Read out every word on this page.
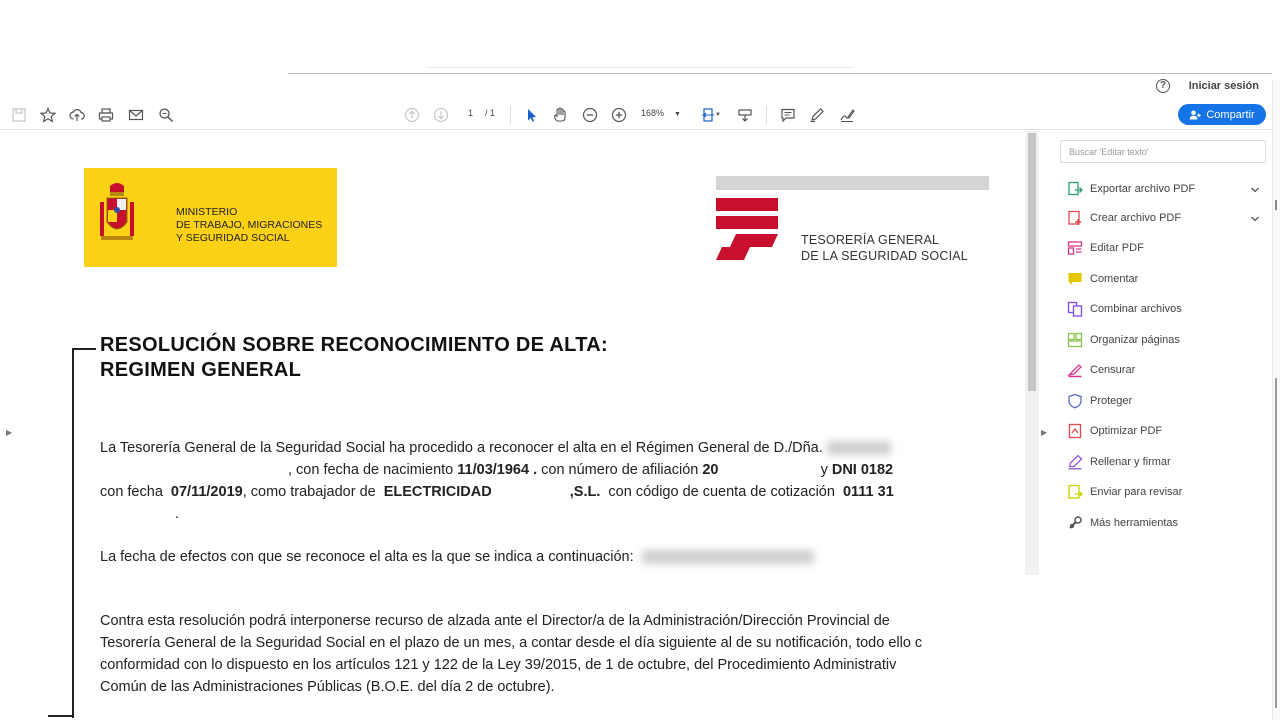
?	Iniciar sesión
1 / 1	168% ▼	▼	Compartir
MINISTERIO
DE TRABAJO, MIGRACIONES
Y SEGURIDAD SOCIAL	TESORERÍA GENERAL
DE LA SEGURIDAD SOCIAL
RESOLUCIÓN SOBRE RECONOCIMIENTO DE ALTA:
REGIMEN GENERAL
La Tesorería General de la Seguridad Social ha procedido a reconocer el alta en el Régimen General de D./Dña.
, con fecha de nacimiento 11/03/1964 . con número de afiliación 20	y DNI 0182
con fecha 07/11/2019, como trabajador de ELECTRICIDAD	,S.L. con código de cuenta de cotización 0111 31
.
La fecha de efectos con que se reconoce el alta es la que se indica a continuación:
Contra esta resolución podrá interponerse recurso de alzada ante el Director/a de la Administración/Dirección Provincial de
Tesorería General de la Seguridad Social en el plazo de un mes, a contar desde el día siguiente al de su notificación, todo ello c
conformidad con lo dispuesto en los artículos 121 y 122 de la Ley 39/2015, de 1 de octubre, del Procedimiento Administrativ
Común de las Administraciones Públicas (B.O.E. del día 2 de octubre).
▶	▶
Buscar 'Editar texto'
Exportar archivo PDF
Crear archivo PDF
Editar PDF
Comentar
Combinar archivos
Organizar páginas
Censurar
Proteger
Optimizar PDF
Rellenar y firmar
Enviar para revisar
Más herramientas
